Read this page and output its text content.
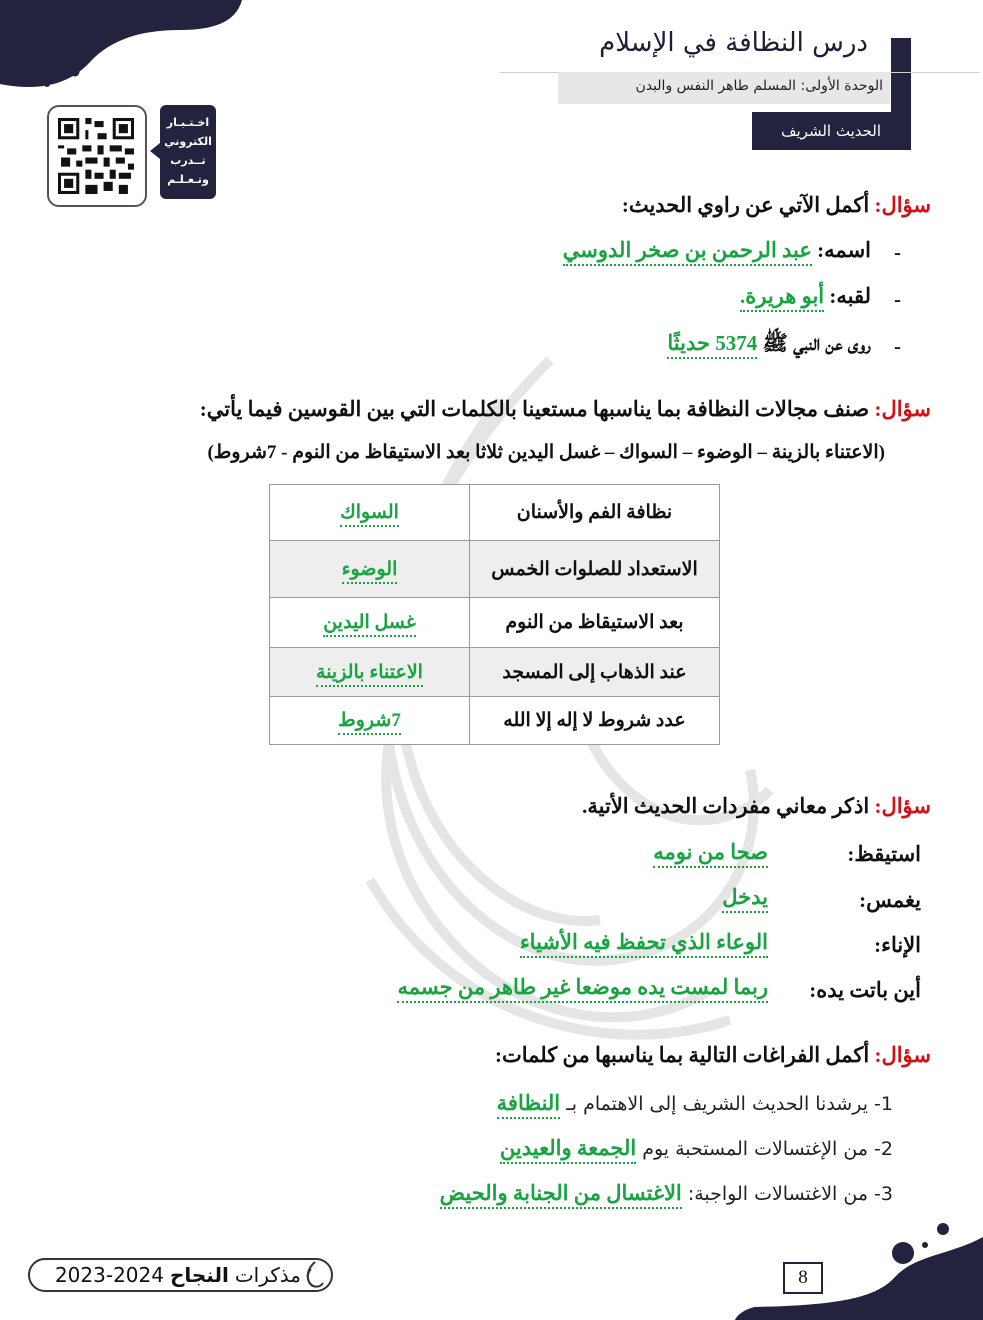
درس النظافة في الإسلام
الوحدة الأولى: المسلم طاهر النفس والبدن
الحديث الشريف
اخـتـبـار
الكتروني
تــدرب
وتـعـلـم
سؤال: أكمل الآتي عن راوي الحديث:
-
اسمه: عبد الرحمن بن صخر الدوسي
-
لقبه: أبو هريرة.
-
روى عن النبي ﷺ 5374 حديثًا
سؤال: صنف مجالات النظافة بما يناسبها مستعينا بالكلمات التي بين القوسين فيما يأتي:
(الاعتناء بالزينة – الوضوء – السواك – غسل اليدين ثلاثا بعد الاستيقاظ من النوم - 7شروط)
نظافة الفم والأسنان	السواك
الاستعداد للصلوات الخمس	الوضوء
بعد الاستيقاظ من النوم	غسل اليدين
عند الذهاب إلى المسجد	الاعتناء بالزينة
عدد شروط لا إله إلا الله	7شروط
سؤال: اذكر معاني مفردات الحديث الأتية.
استيقظ:
صحا من نومه
يغمس:
يدخل
الإناء:
الوعاء الذي تحفظ فيه الأشياء
أين باتت يده:
ربما لمست يده موضعا غير طاهر من جسمه
سؤال: أكمل الفراغات التالية بما يناسبها من كلمات:
1- يرشدنا الحديث الشريف إلى الاهتمام بـ النظافة
2- من الإغتسالات المستحبة يوم الجمعة والعيدين
3- من الاغتسالات الواجبة: الاغتسال من الجنابة والحيض
8
مذكرات
النجاح
2023-2024
